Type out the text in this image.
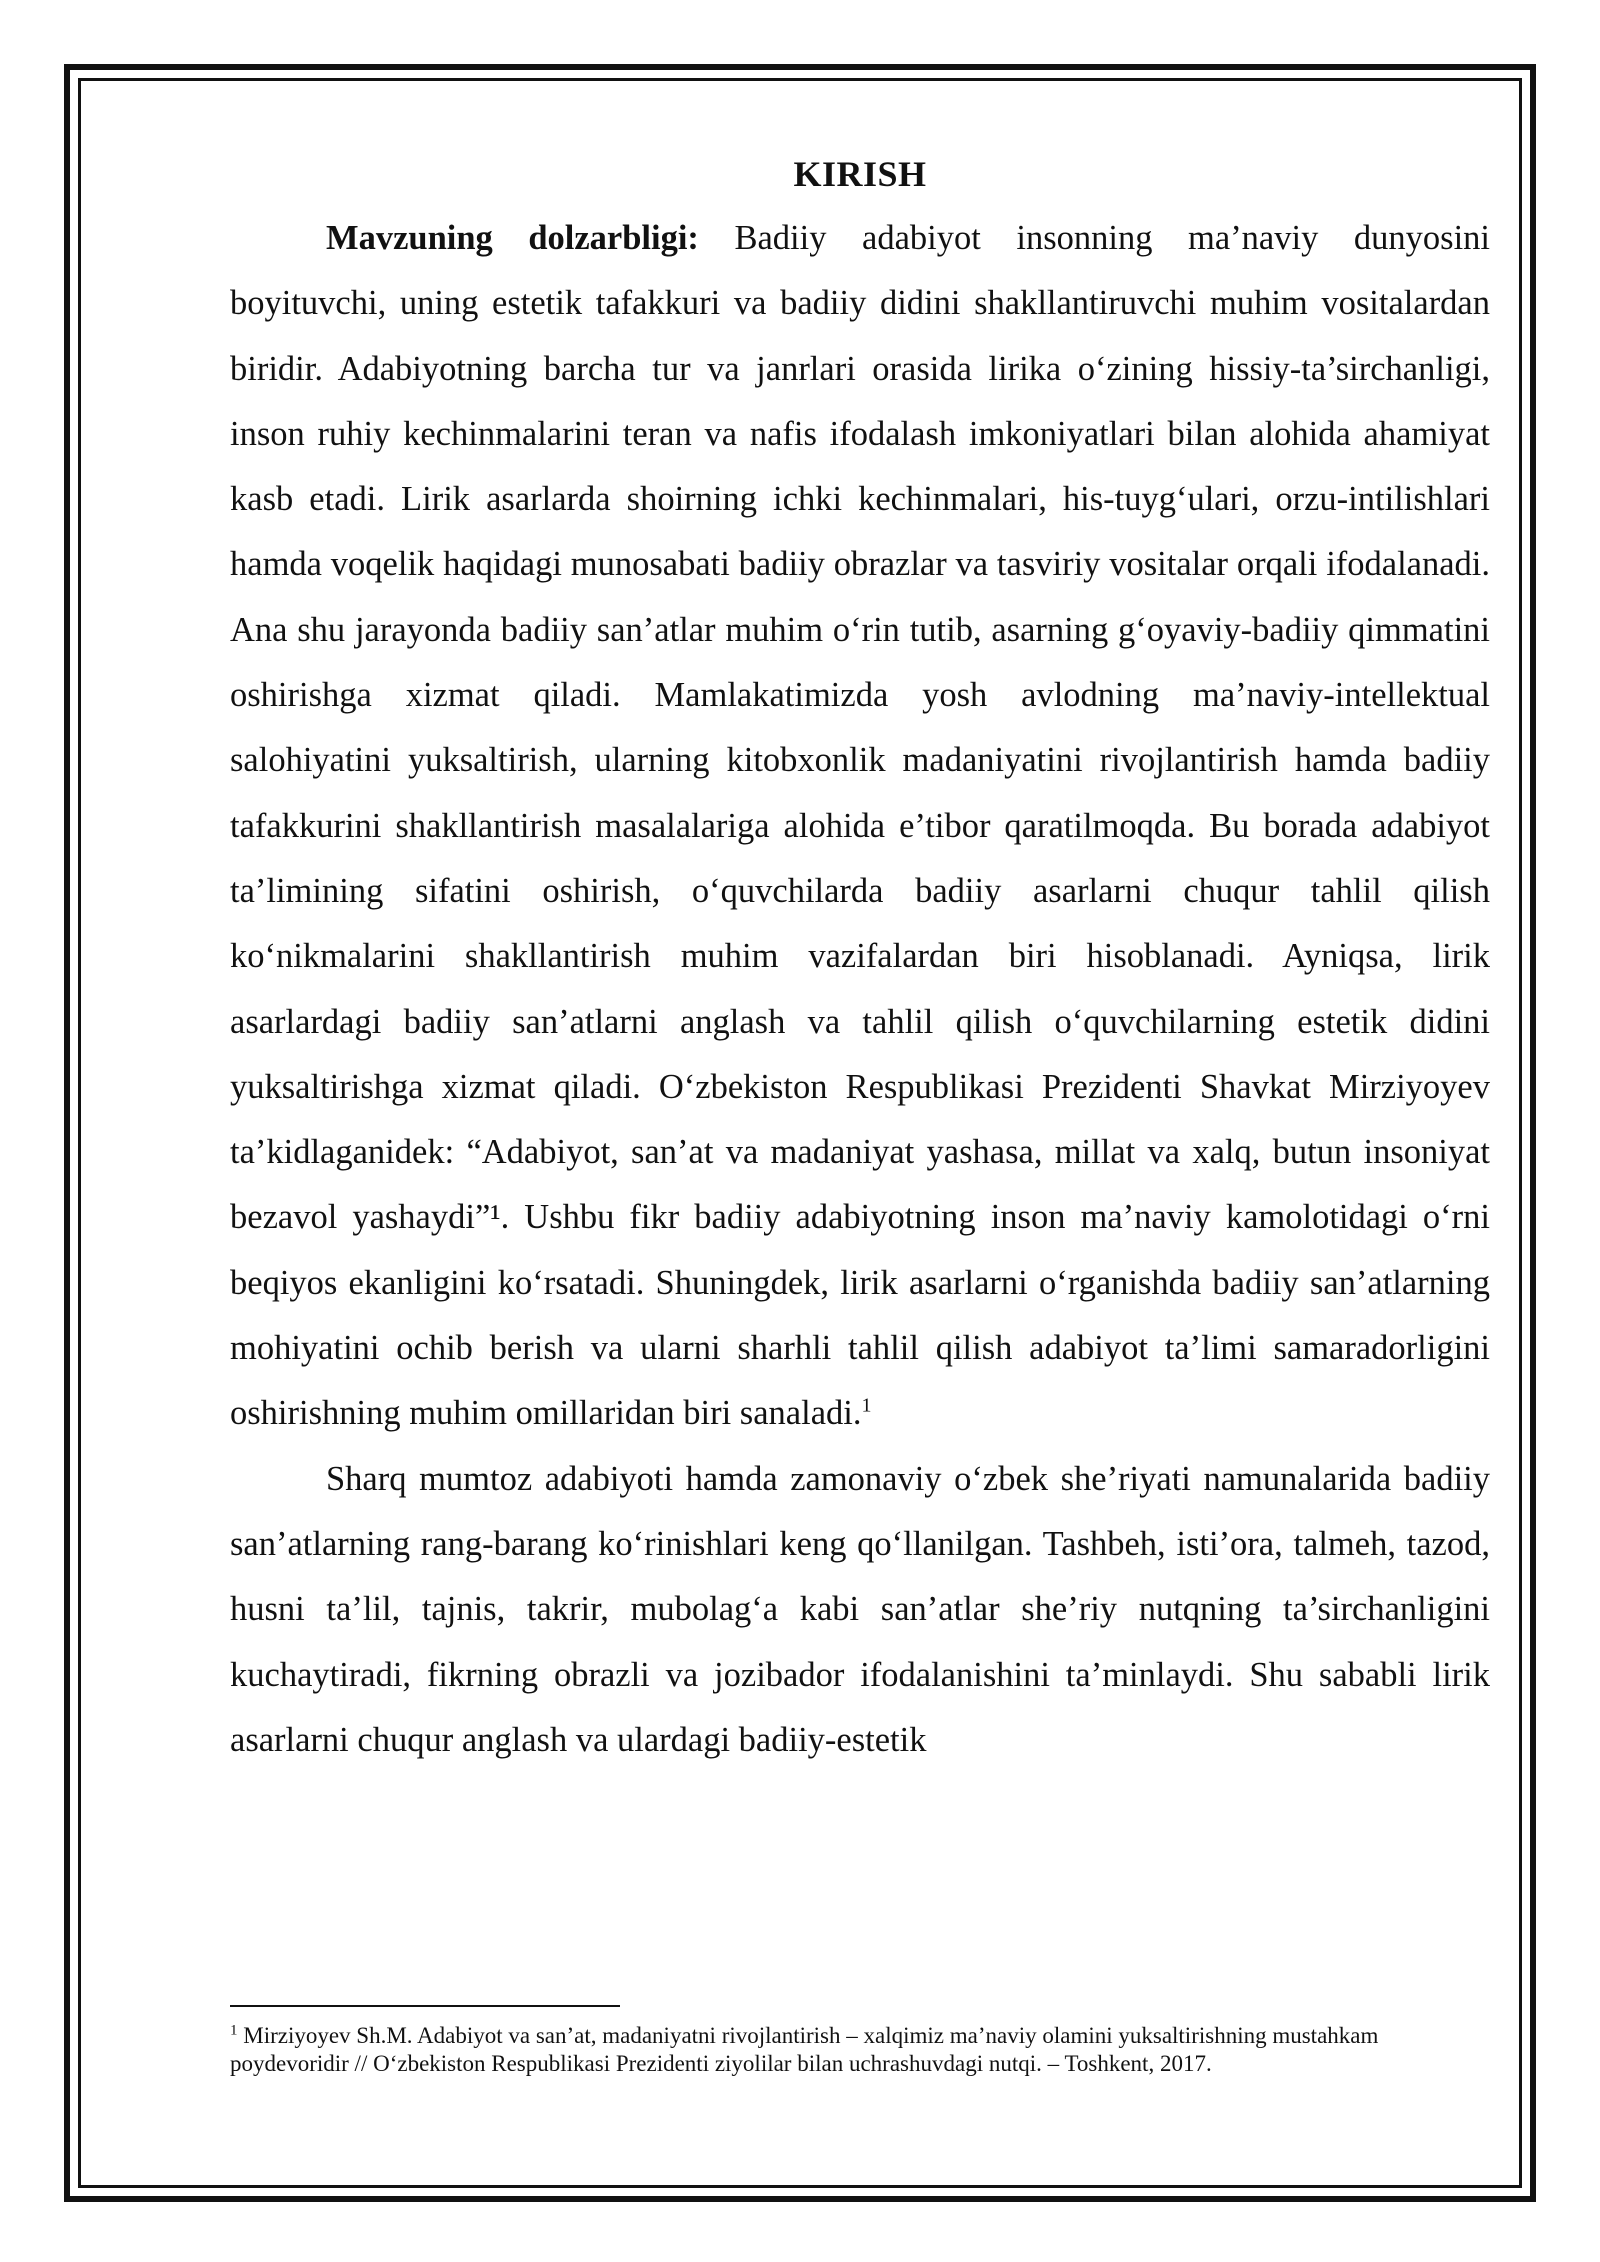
KIRISH

Mavzuning dolzarbligi: Badiiy adabiyot insonning ma’naviy dunyosini boyituvchi, uning estetik tafakkuri va badiiy didini shakllantiruvchi muhim vositalardan biridir. Adabiyotning barcha tur va janrlari orasida lirika o‘zining hissiy-ta’sirchanligi, inson ruhiy kechinmalarini teran va nafis ifodalash imkoniyatlari bilan alohida ahamiyat kasb etadi. Lirik asarlarda shoirning ichki kechinmalari, his-tuyg‘ulari, orzu-intilishlari hamda voqelik haqidagi munosabati badiiy obrazlar va tasviriy vositalar orqali ifodalanadi. Ana shu jarayonda badiiy san’atlar muhim o‘rin tutib, asarning g‘oyaviy-badiiy qimmatini oshirishga xizmat qiladi. Mamlakatimizda yosh avlodning ma’naviy-intellektual salohiyatini yuksaltirish, ularning kitobxonlik madaniyatini rivojlantirish hamda badiiy tafakkurini shakllantirish masalalariga alohida e’tibor qaratilmoqda. Bu borada adabiyot ta’limining sifatini oshirish, o‘quvchilarda badiiy asarlarni chuqur tahlil qilish ko‘nikmalarini shakllantirish muhim vazifalardan biri hisoblanadi. Ayniqsa, lirik asarlardagi badiiy san’atlarni anglash va tahlil qilish o‘quvchilarning estetik didini yuksaltirishga xizmat qiladi. O‘zbekiston Respublikasi Prezidenti Shavkat Mirziyoyev ta’kidlaganidek: “Adabiyot, san’at va madaniyat yashasa, millat va xalq, butun insoniyat bezavol yashaydi”¹. Ushbu fikr badiiy adabiyotning inson ma’naviy kamolotidagi o‘rni beqiyos ekanligini ko‘rsatadi. Shuningdek, lirik asarlarni o‘rganishda badiiy san’atlarning mohiyatini ochib berish va ularni sharhli tahlil qilish adabiyot ta’limi samaradorligini oshirishning muhim omillaridan biri sanaladi.$^1$

Sharq mumtoz adabiyoti hamda zamonaviy o‘zbek she’riyati namunalarida badiiy san’atlarning rang-barang ko‘rinishlari keng qo‘llanilgan. Tashbeh, isti’ora, talmeh, tazod, husni ta’lil, tajnis, takrir, mubolag‘a kabi san’atlar she’riy nutqning ta’sirchanligini kuchaytiradi, fikrning obrazli va jozibador ifodalanishini ta’minlaydi. Shu sababli lirik asarlarni chuqur anglash va ulardagi badiiy-estetik

$^1$ Mirziyoyev Sh.M. Adabiyot va san’at, madaniyatni rivojlantirish – xalqimiz ma’naviy olamini yuksaltirishning mustahkam poydevoridir // O‘zbekiston Respublikasi Prezidenti ziyolilar bilan uchrashuvdagi nutqi. – Toshkent, 2017.
